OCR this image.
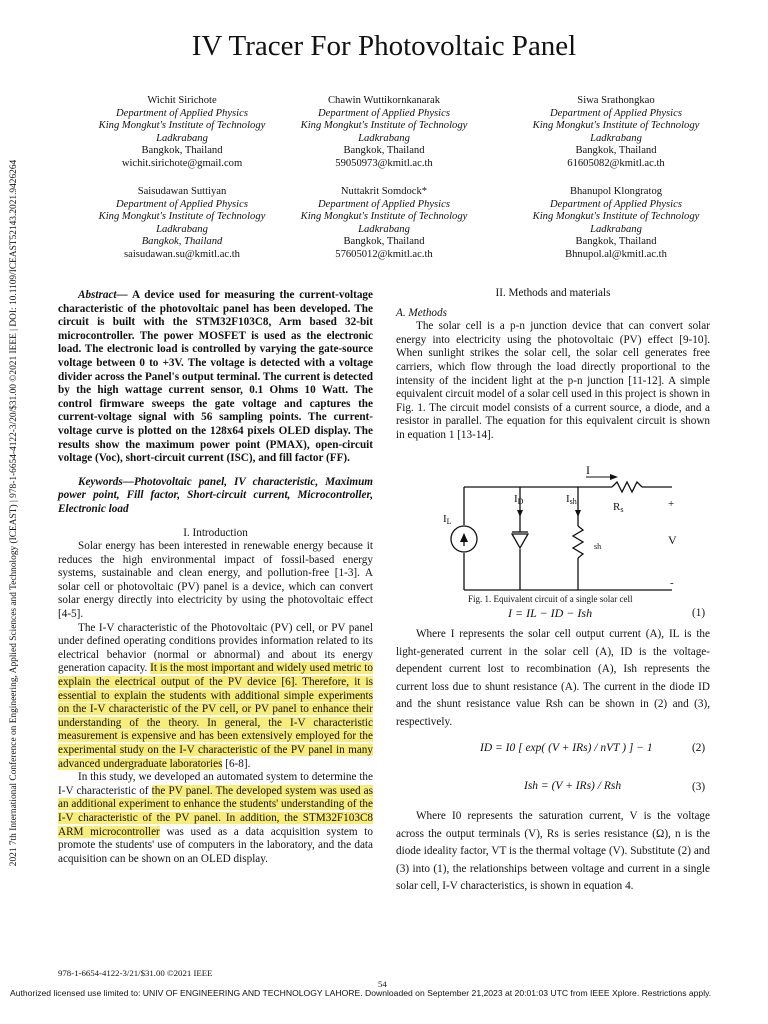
IV Tracer For Photovoltaic Panel
Wichit Sirichote
Department of Applied Physics
King Mongkut's Institute of Technology
Ladkrabang
Bangkok, Thailand
wichit.sirichote@gmail.com
Chawin Wuttikornkanarak
Department of Applied Physics
King Mongkut's Institute of Technology
Ladkrabang
Bangkok, Thailand
59050973@kmitl.ac.th
Siwa Srathongkao
Department of Applied Physics
King Mongkut's Institute of Technology
Ladkrabang
Bangkok, Thailand
61605082@kmitl.ac.th
Saisudawan Suttiyan
Department of Applied Physics
King Mongkut's Institute of Technology
Ladkrabang
Bangkok, Thailand
saisudawan.su@kmitl.ac.th
Nuttakrit Somdock*
Department of Applied Physics
King Mongkut's Institute of Technology
Ladkrabang
Bangkok, Thailand
57605012@kmitl.ac.th
Bhanupol Klongratog
Department of Applied Physics
King Mongkut's Institute of Technology
Ladkrabang
Bangkok, Thailand
Bhnupol.al@kmitl.ac.th
2021 7th International Conference on Engineering, Applied Sciences and Technology (ICEAST) | 978-1-6654-4122-3/20/$31.00 ©2021 IEEE | DOI: 10.1109/ICEAST52143.2021.9426264	Abstract— A device used for measuring the current-voltage characteristic of the photovoltaic panel has been developed. The circuit is built with the STM32F103C8, Arm based 32-bit microcontroller. The power MOSFET is used as the electronic load. The electronic load is controlled by varying the gate-source voltage between 0 to +3V. The voltage is detected with a voltage divider across the Panel's output terminal. The current is detected by the high wattage current sensor, 0.1 Ohms 10 Watt. The control firmware sweeps the gate voltage and captures the current-voltage signal with 56 sampling points. The current-voltage curve is plotted on the 128x64 pixels OLED display. The results show the maximum power point (PMAX), open-circuit voltage (Voc), short-circuit current (ISC), and fill factor (FF).

Keywords—Photovoltaic panel, IV characteristic, Maximum power point, Fill factor, Short-circuit current, Microcontroller, Electronic load

I. Introduction

Solar energy has been interested in renewable energy because it reduces the high environmental impact of fossil-based energy systems, sustainable and clean energy, and pollution-free [1-3]. A solar cell or photovoltaic (PV) panel is a device, which can convert solar energy directly into electricity by using the photovoltaic effect [4-5].

The I-V characteristic of the Photovoltaic (PV) cell, or PV panel under defined operating conditions provides information related to its electrical behavior (normal or abnormal) and about its energy generation capacity. It is the most important and widely used metric to explain the electrical output of the PV device [6]. Therefore, it is essential to explain the students with additional simple experiments on the I-V characteristic of the PV cell, or PV panel to enhance their understanding of the theory. In general, the I-V characteristic measurement is expensive and has been extensively employed for the experimental study on the I-V characteristic of the PV panel in many advanced undergraduate laboratories [6-8].

In this study, we developed an automated system to determine the I-V characteristic of the PV panel. The developed system was used as an additional experiment to enhance the students' understanding of the I-V characteristic of the PV panel. In addition, the STM32F103C8 ARM microcontroller was used as a data acquisition system to promote the students' use of computers in the laboratory, and the data acquisition can be shown on an OLED display.

II. Methods and materials

A. Methods

The solar cell is a p-n junction device that can convert solar energy into electricity using the photovoltaic (PV) effect [9-10]. When sunlight strikes the solar cell, the solar cell generates free carriers, which flow through the load directly proportional to the intensity of the incident light at the p-n junction [11-12]. A simple equivalent circuit model of a solar cell used in this project is shown in Fig. 1. The circuit model consists of a current source, a diode, and a resistor in parallel. The equation for this equivalent circuit is shown in equation 1 [13-14].

I
Rs
IL
ID	Ish
sh	V
+
-
Fig. 1. Equivalent circuit of a single solar cell
I = IL − ID − Ish	(1)

Where I represents the solar cell output current (A), IL is the light-generated current in the solar cell (A), ID is the voltage-dependent current lost to recombination (A), Ish represents the current loss due to shunt resistance (A). The current in the diode ID and the shunt resistance value Rsh can be shown in (2) and (3), respectively.

ID = I0 [ exp( (V + IRs) / nVT ) ] − 1	(2)
Ish = (V + IRs) / Rsh	(3)

Where I0 represents the saturation current, V is the voltage across the output terminals (V), Rs is series resistance (Ω), n is the diode ideality factor, VT is the thermal voltage (V). Substitute (2) and (3) into (1), the relationships between voltage and current in a single solar cell, I-V characteristics, is shown in equation 4.

978-1-6654-4122-3/21/$31.00 ©2021 IEEE
54
Authorized licensed use limited to: UNIV OF ENGINEERING AND TECHNOLOGY LAHORE. Downloaded on September 21,2023 at 20:01:03 UTC from IEEE Xplore. Restrictions apply.
